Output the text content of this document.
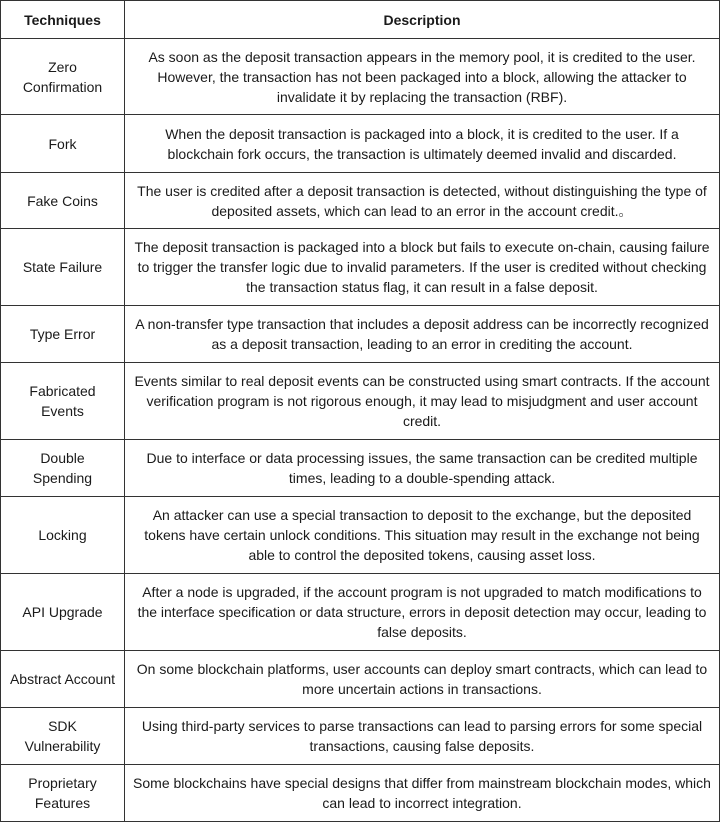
Techniques	Description
Zero Confirmation	As soon as the deposit transaction appears in the memory pool, it is credited to the user. However, the transaction has not been packaged into a block, allowing the attacker to invalidate it by replacing the transaction (RBF).
Fork	When the deposit transaction is packaged into a block, it is credited to the user. If a blockchain fork occurs, the transaction is ultimately deemed invalid and discarded.
Fake Coins	The user is credited after a deposit transaction is detected, without distinguishing the type of deposited assets, which can lead to an error in the account credit.。
State Failure	The deposit transaction is packaged into a block but fails to execute on-chain, causing failure to trigger the transfer logic due to invalid parameters. If the user is credited without checking the transaction status flag, it can result in a false deposit.
Type Error	A non-transfer type transaction that includes a deposit address can be incorrectly recognized as a deposit transaction, leading to an error in crediting the account.
Fabricated Events	Events similar to real deposit events can be constructed using smart contracts. If the account verification program is not rigorous enough, it may lead to misjudgment and user account credit.
Double Spending	Due to interface or data processing issues, the same transaction can be credited multiple times, leading to a double-spending attack.
Locking	An attacker can use a special transaction to deposit to the exchange, but the deposited tokens have certain unlock conditions. This situation may result in the exchange not being able to control the deposited tokens, causing asset loss.
API Upgrade	After a node is upgraded, if the account program is not upgraded to match modifications to the interface specification or data structure, errors in deposit detection may occur, leading to false deposits.
Abstract Account	On some blockchain platforms, user accounts can deploy smart contracts, which can lead to more uncertain actions in transactions.
SDK Vulnerability	Using third-party services to parse transactions can lead to parsing errors for some special transactions, causing false deposits.
Proprietary Features	Some blockchains have special designs that differ from mainstream blockchain modes, which can lead to incorrect integration.
